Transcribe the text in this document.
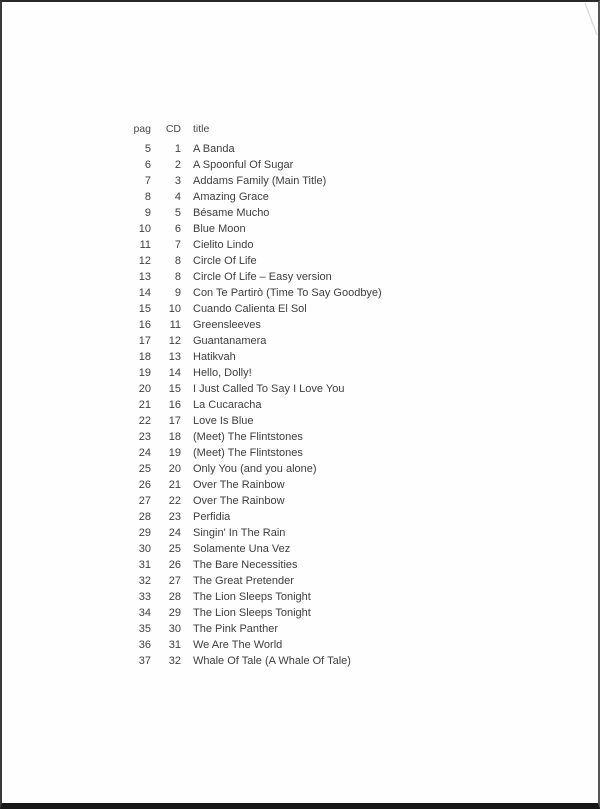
pag	CD	title
5	1	A Banda
6	2	A Spoonful Of Sugar
7	3	Addams Family (Main Title)
8	4	Amazing Grace
9	5	Bésame Mucho
10	6	Blue Moon
11	7	Cielito Lindo
12	8	Circle Of Life
13	8	Circle Of Life – Easy version
14	9	Con Te Partirò (Time To Say Goodbye)
15	10	Cuando Calienta El Sol
16	11	Greensleeves
17	12	Guantanamera
18	13	Hatikvah
19	14	Hello, Dolly!
20	15	I Just Called To Say I Love You
21	16	La Cucaracha
22	17	Love Is Blue
23	18	(Meet) The Flintstones
24	19	(Meet) The Flintstones
25	20	Only You (and you alone)
26	21	Over The Rainbow
27	22	Over The Rainbow
28	23	Perfidia
29	24	Singin' In The Rain
30	25	Solamente Una Vez
31	26	The Bare Necessities
32	27	The Great Pretender
33	28	The Lion Sleeps Tonight
34	29	The Lion Sleeps Tonight
35	30	The Pink Panther
36	31	We Are The World
37	32	Whale Of Tale (A Whale Of Tale)
